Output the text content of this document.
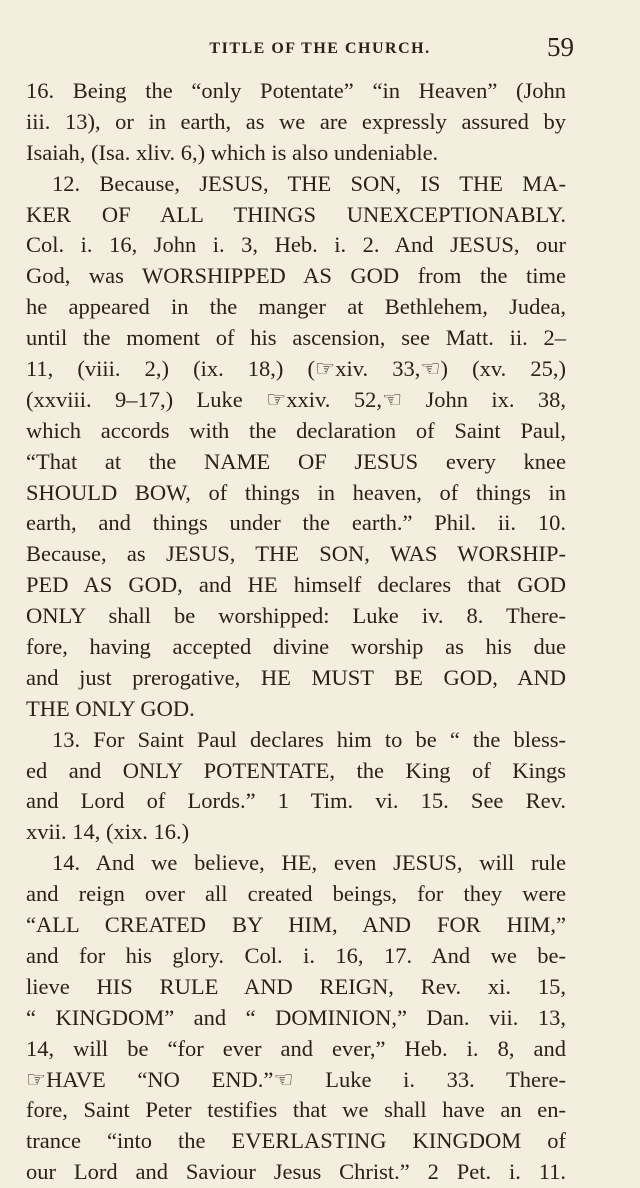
TITLE OF THE CHURCH.	59
16. Being the “only Potentate” “in Heaven” (John
iii. 13), or in earth, as we are expressly assured by
Isaiah, (Isa. xliv. 6,) which is also undeniable.
12. Because, JESUS, THE SON, IS THE MA-
KER OF ALL THINGS UNEXCEPTIONABLY.
Col. i. 16, John i. 3, Heb. i. 2. And JESUS, our
God, was WORSHIPPED AS GOD from the time
he appeared in the manger at Bethlehem, Judea,
until the moment of his ascension, see Matt. ii. 2–
11, (viii. 2,) (ix. 18,) (☞xiv. 33,☜) (xv. 25,)
(xxviii. 9–17,) Luke ☞xxiv. 52,☜ John ix. 38,
which accords with the declaration of Saint Paul,
“That at the NAME OF JESUS every knee
SHOULD BOW, of things in heaven, of things in
earth, and things under the earth.” Phil. ii. 10.
Because, as JESUS, THE SON, WAS WORSHIP-
PED AS GOD, and HE himself declares that GOD
ONLY shall be worshipped: Luke iv. 8. There-
fore, having accepted divine worship as his due
and just prerogative, HE MUST BE GOD, AND
THE ONLY GOD.
13. For Saint Paul declares him to be “ the bless-
ed and ONLY POTENTATE, the King of Kings
and Lord of Lords.” 1 Tim. vi. 15. See Rev.
xvii. 14, (xix. 16.)
14. And we believe, HE, even JESUS, will rule
and reign over all created beings, for they were
“ALL CREATED BY HIM, AND FOR HIM,”
and for his glory. Col. i. 16, 17. And we be-
lieve HIS RULE AND REIGN, Rev. xi. 15,
“ KINGDOM” and “ DOMINION,” Dan. vii. 13,
14, will be “for ever and ever,” Heb. i. 8, and
☞HAVE “NO END.”☜ Luke i. 33. There-
fore, Saint Peter testifies that we shall have an en-
trance “into the EVERLASTING KINGDOM of
our Lord and Saviour Jesus Christ.” 2 Pet. i. 11.
